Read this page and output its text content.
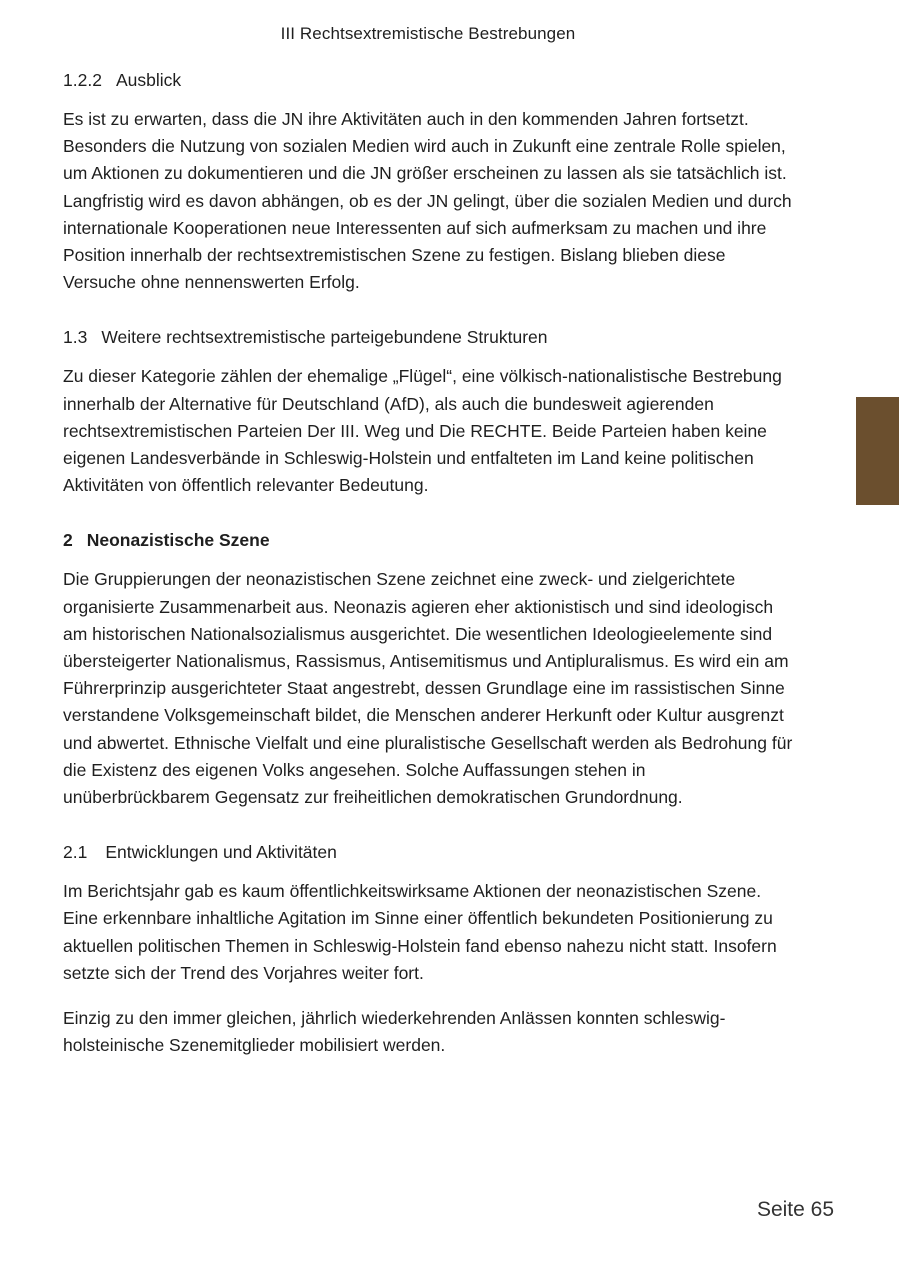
III Rechtsextremistische Bestrebungen
1.2.2 Ausblick

Es ist zu erwarten, dass die JN ihre Aktivitäten auch in den kommenden Jahren fortsetzt. Besonders die Nutzung von sozialen Medien wird auch in Zukunft eine zentrale Rolle spielen, um Aktionen zu dokumentieren und die JN größer erscheinen zu lassen als sie tatsächlich ist. Langfristig wird es davon abhängen, ob es der JN gelingt, über die sozialen Medien und durch internationale Kooperationen neue Interessenten auf sich aufmerksam zu machen und ihre Position innerhalb der rechtsextremistischen Szene zu festigen. Bislang blieben diese Versuche ohne nennenswerten Erfolg.

1.3 Weitere rechtsextremistische parteigebundene Strukturen

Zu dieser Kategorie zählen der ehemalige „Flügel“, eine völkisch-nationalistische Bestrebung innerhalb der Alternative für Deutschland (AfD), als auch die bundesweit agierenden rechtsextremistischen Parteien Der III. Weg und Die RECHTE. Beide Parteien haben keine eigenen Landesverbände in Schleswig-Holstein und entfalteten im Land keine politischen Aktivitäten von öffentlich relevanter Bedeutung.

2 Neonazistische Szene

Die Gruppierungen der neonazistischen Szene zeichnet eine zweck- und zielgerichtete organisierte Zusammenarbeit aus. Neonazis agieren eher aktionistisch und sind ideologisch am historischen Nationalsozialismus ausgerichtet. Die wesentlichen Ideologieelemente sind übersteigerter Nationalismus, Rassismus, Antisemitismus und Antipluralismus. Es wird ein am Führerprinzip ausgerichteter Staat angestrebt, dessen Grundlage eine im rassistischen Sinne verstandene Volksgemeinschaft bildet, die Menschen anderer Herkunft oder Kultur ausgrenzt und abwertet. Ethnische Vielfalt und eine pluralistische Gesellschaft werden als Bedrohung für die Existenz des eigenen Volks angesehen. Solche Auffassungen stehen in unüberbrückbarem Gegensatz zur freiheitlichen demokratischen Grundordnung.

2.1 Entwicklungen und Aktivitäten

Im Berichtsjahr gab es kaum öffentlichkeitswirksame Aktionen der neonazistischen Szene. Eine erkennbare inhaltliche Agitation im Sinne einer öffentlich bekundeten Positionierung zu aktuellen politischen Themen in Schleswig-Holstein fand ebenso nahezu nicht statt. Insofern setzte sich der Trend des Vorjahres weiter fort.

Einzig zu den immer gleichen, jährlich wiederkehrenden Anlässen konnten schleswig-holsteinische Szenemitglieder mobilisiert werden.

Seite 65
